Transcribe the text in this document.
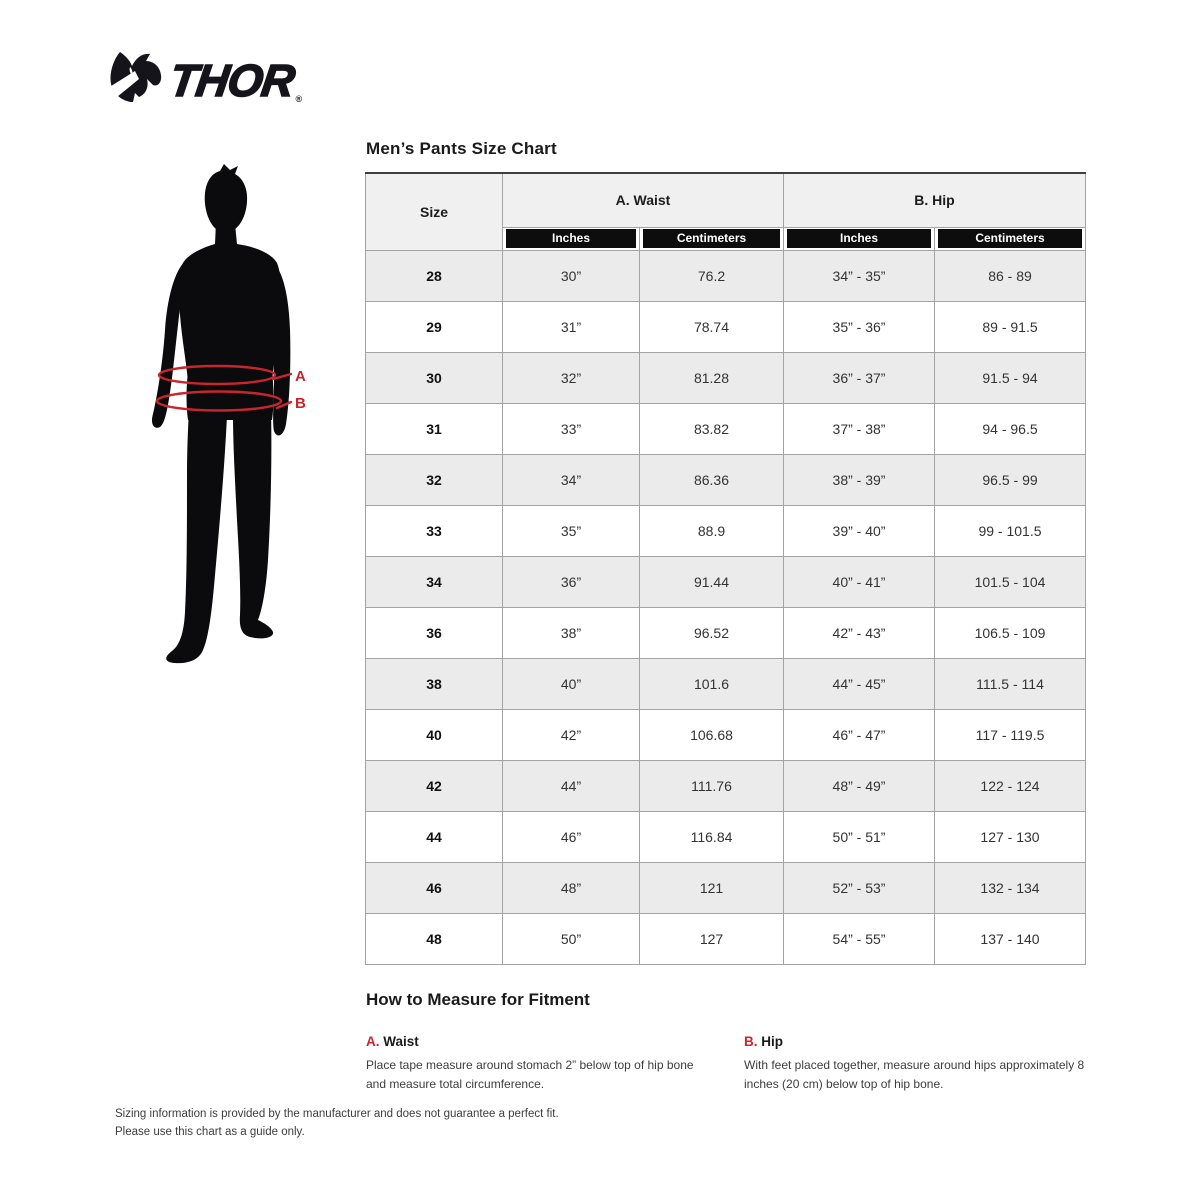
THOR
®
A
B
Men’s Pants Size Chart
Size	A. Waist		B. Hip	

	Inches	Centimeters	Inches	Centimeters

28	30”	76.2	34” - 35”	86 - 89
29	31”	78.74	35” - 36”	89 - 91.5
30	32”	81.28	36” - 37”	91.5 - 94
31	33”	83.82	37” - 38”	94 - 96.5
32	34”	86.36	38” - 39”	96.5 - 99
33	35”	88.9	39” - 40”	99 - 101.5
34	36”	91.44	40” - 41”	101.5 - 104
36	38”	96.52	42” - 43”	106.5 - 109
38	40”	101.6	44” - 45”	111.5 - 114
40	42”	106.68	46” - 47”	117 - 119.5
42	44”	111.76	48” - 49”	122 - 124
44	46”	116.84	50” - 51”	127 - 130
46	48”	121	52” - 53”	132 - 134
48	50”	127	54” - 55”	137 - 140
How to Measure for Fitment
A. Waist
Place tape measure around stomach 2” below top of hip bone and measure total circumference.
B. Hip
With feet placed together, measure around hips approximately 8 inches (20 cm) below top of hip bone.
Sizing information is provided by the manufacturer and does not guarantee a perfect fit.
Please use this chart as a guide only.
